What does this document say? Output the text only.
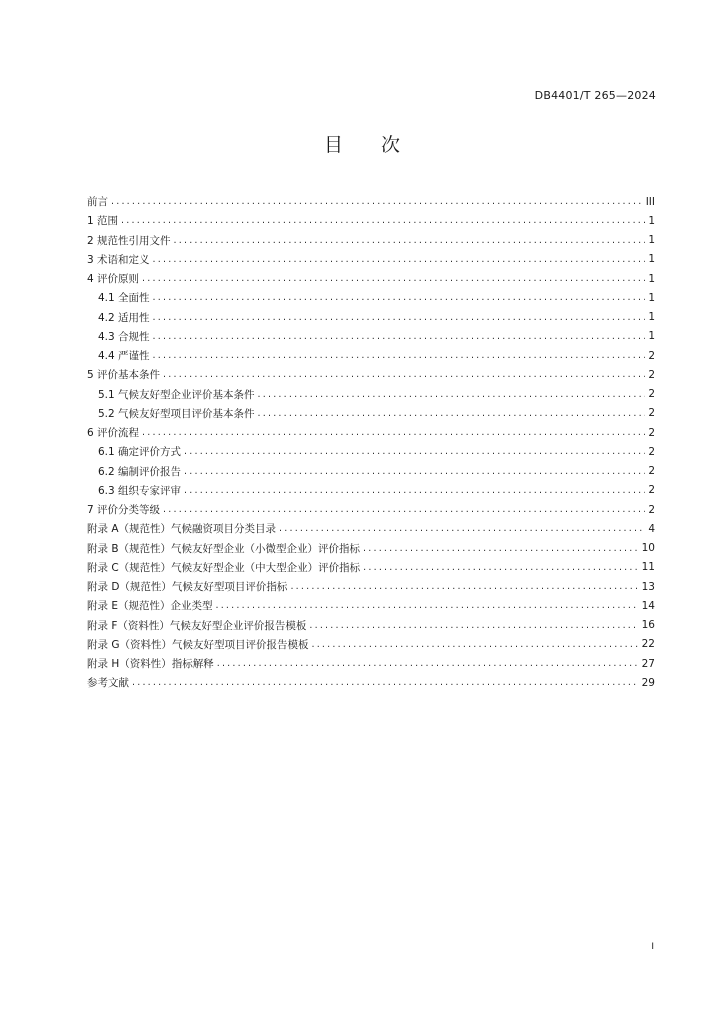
DB4401/T 265—2024
目　　次
前言 .....	III
1 范围 .....	1
2 规范性引用文件 .....	1
3 术语和定义 .....	1
4 评价原则 .....	1
4.1 全面性 .....	1
4.2 适用性 .....	1
4.3 合规性 .....	1
4.4 严谨性 .....	2
5 评价基本条件 .....	2
5.1 气候友好型企业评价基本条件 .....	2
5.2 气候友好型项目评价基本条件 .....	2
6 评价流程 .....	2
6.1 确定评价方式 .....	2
6.2 编制评价报告 .....	2
6.3 组织专家评审 .....	2
7 评价分类等级 .....	2
附录 A（规范性）气候融资项目分类目录 .....	4
附录 B（规范性）气候友好型企业（小微型企业）评价指标 .....	10
附录 C（规范性）气候友好型企业（中大型企业）评价指标 .....	11
附录 D（规范性）气候友好型项目评价指标 .....	13
附录 E（规范性）企业类型 .....	14
附录 F（资料性）气候友好型企业评价报告模板 .....	16
附录 G（资料性）气候友好型项目评价报告模板 .....	22
附录 H（资料性）指标解释 .....	27
参考文献 .....	29
I
